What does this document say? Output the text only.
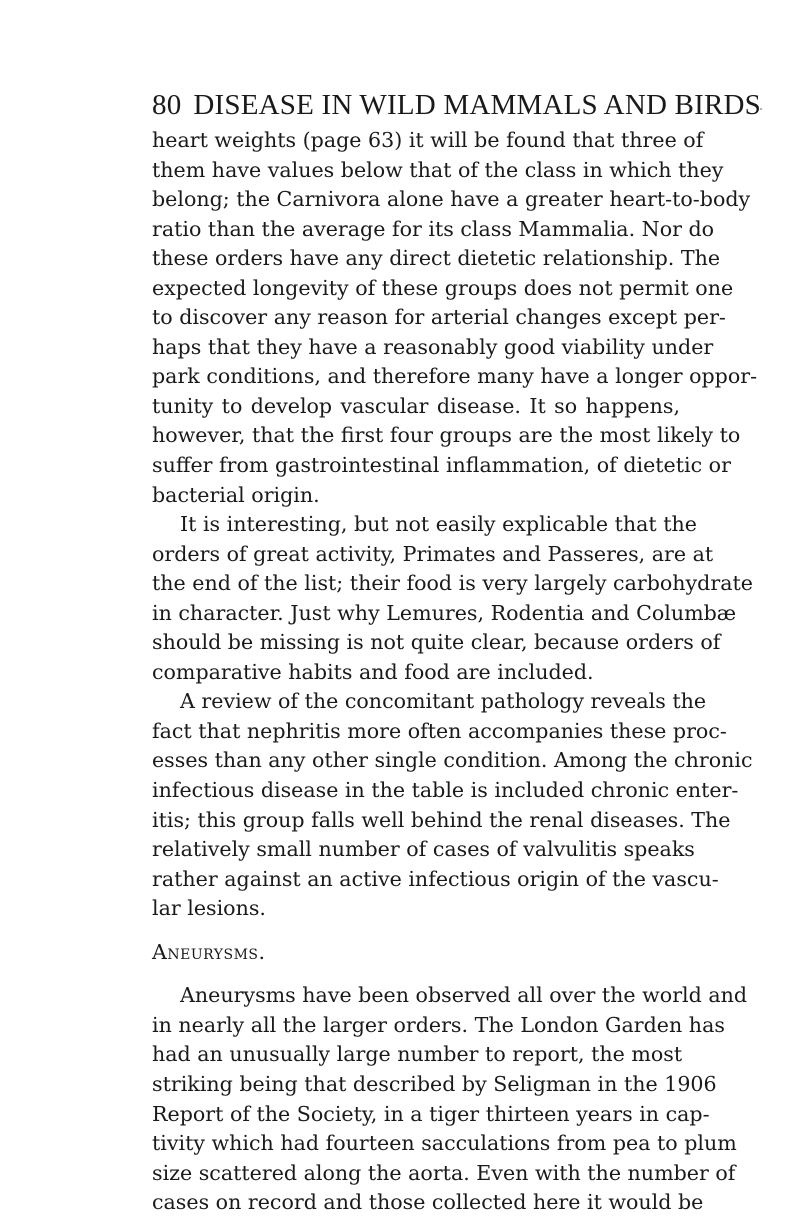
80 DISEASE IN WILD MAMMALS AND BIRDS
heart weights (page 63) it will be found that three of
them have values below that of the class in which they
belong; the Carnivora alone have a greater heart-to-body
ratio than the average for its class Mammalia. Nor do
these orders have any direct dietetic relationship. The
expected longevity of these groups does not permit one
to discover any reason for arterial changes except per-
haps that they have a reasonably good viability under
park conditions, and therefore many have a longer oppor-
tunity to develop vascular disease. It so happens,
however, that the first four groups are the most likely to
suffer from gastrointestinal inflammation, of dietetic or
bacterial origin.
It is interesting, but not easily explicable that the
orders of great activity, Primates and Passeres, are at
the end of the list; their food is very largely carbohydrate
in character. Just why Lemures, Rodentia and Columbæ
should be missing is not quite clear, because orders of
comparative habits and food are included.
A review of the concomitant pathology reveals the
fact that nephritis more often accompanies these proc-
esses than any other single condition. Among the chronic
infectious disease in the table is included chronic enter-
itis; this group falls well behind the renal diseases. The
relatively small number of cases of valvulitis speaks
rather against an active infectious origin of the vascu-
lar lesions.
Aneurysms.
Aneurysms have been observed all over the world and
in nearly all the larger orders. The London Garden has
had an unusually large number to report, the most
striking being that described by Seligman in the 1906
Report of the Society, in a tiger thirteen years in cap-
tivity which had fourteen sacculations from pea to plum
size scattered along the aorta. Even with the number of
cases on record and those collected here it would be
